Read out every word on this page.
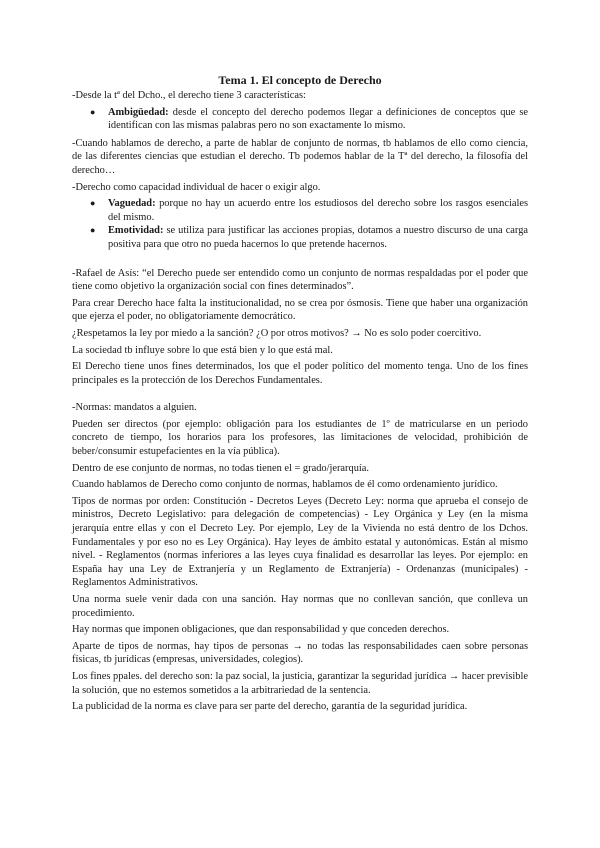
Tema 1. El concepto de Derecho

-Desde la tª del Dcho., el derecho tiene 3 características:

● Ambigüedad: desde el concepto del derecho podemos llegar a definiciones de conceptos que se identifican con las mismas palabras pero no son exactamente lo mismo.

-Cuando hablamos de derecho, a parte de hablar de conjunto de normas, tb hablamos de ello como ciencia, de las diferentes ciencias que estudian el derecho. Tb podemos hablar de la Tª del derecho, la filosofía del derecho…

-Derecho como capacidad individual de hacer o exigir algo.

● Vaguedad: porque no hay un acuerdo entre los estudiosos del derecho sobre los rasgos esenciales del mismo.
● Emotividad: se utiliza para justificar las acciones propias, dotamos a nuestro discurso de una carga positiva para que otro no pueda hacernos lo que pretende hacernos.

-Rafael de Asís: “el Derecho puede ser entendido como un conjunto de normas respaldadas por el poder que tiene como objetivo la organización social con fines determinados”.

Para crear Derecho hace falta la institucionalidad, no se crea por ósmosis. Tiene que haber una organización que ejerza el poder, no obligatoriamente democrático.

¿Respetamos la ley por miedo a la sanción? ¿O por otros motivos? → No es solo poder coercitivo.

La sociedad tb influye sobre lo que está bien y lo que está mal.

El Derecho tiene unos fines determinados, los que el poder político del momento tenga. Uno de los fines principales es la protección de los Derechos Fundamentales.

-Normas: mandatos a alguien.

Pueden ser directos (por ejemplo: obligación para los estudiantes de 1º de matricularse en un periodo concreto de tiempo, los horarios para los profesores, las limitaciones de velocidad, prohibición de beber/consumir estupefacientes en la vía pública).

Dentro de ese conjunto de normas, no todas tienen el = grado/jerarquía.

Cuando hablamos de Derecho como conjunto de normas, hablamos de él como ordenamiento jurídico.

Tipos de normas por orden: Constitución - Decretos Leyes (Decreto Ley: norma que aprueba el consejo de ministros, Decreto Legislativo: para delegación de competencias) - Ley Orgánica y Ley (en la misma jerarquía entre ellas y con el Decreto Ley. Por ejemplo, Ley de la Vivienda no está dentro de los Dchos. Fundamentales y por eso no es Ley Orgánica). Hay leyes de ámbito estatal y autonómicas. Están al mismo nivel. - Reglamentos (normas inferiores a las leyes cuya finalidad es desarrollar las leyes. Por ejemplo: en España hay una Ley de Extranjería y un Reglamento de Extranjería) - Ordenanzas (municipales) - Reglamentos Administrativos.

Una norma suele venir dada con una sanción. Hay normas que no conllevan sanción, que conlleva un procedimiento.

Hay normas que imponen obligaciones, que dan responsabilidad y que conceden derechos.

Aparte de tipos de normas, hay tipos de personas → no todas las responsabilidades caen sobre personas físicas, tb jurídicas (empresas, universidades, colegios).

Los fines ppales. del derecho son: la paz social, la justicia, garantizar la seguridad jurídica → hacer previsible la solución, que no estemos sometidos a la arbitrariedad de la sentencia.

La publicidad de la norma es clave para ser parte del derecho, garantía de la seguridad jurídica.
